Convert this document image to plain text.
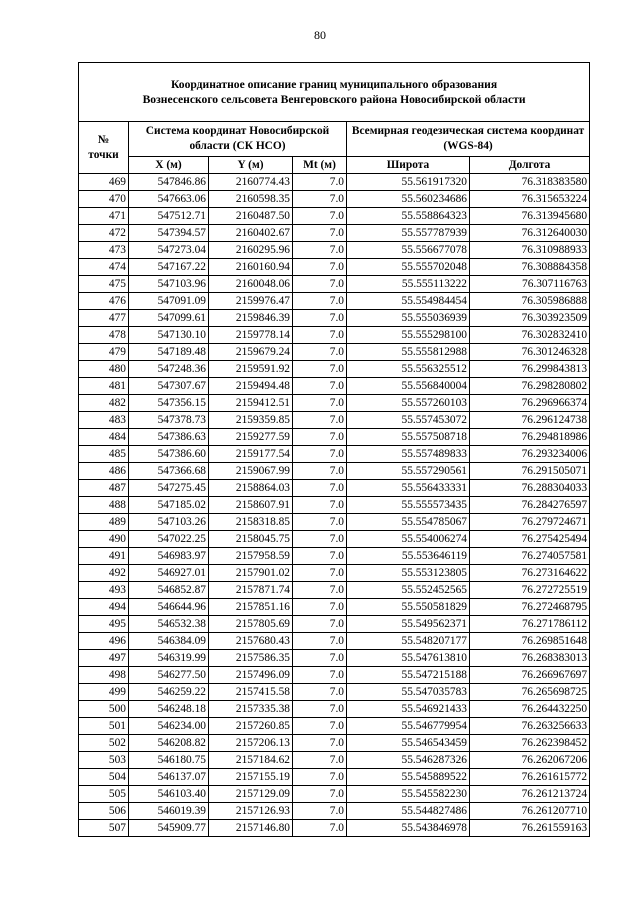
80
Координатное описание границ муниципального образования
Вознесенского сельсовета Венгеровского района Новосибирской области					
№
точки	Система координат Новосибирской области (СК НСО)			Всемирная геодезическая система координат (WGS-84)	
	X (м)	Y (м)	Mt (м)	Широта	Долгота
469	547846.86	2160774.43	7.0	55.561917320	76.318383580
470	547663.06	2160598.35	7.0	55.560234686	76.315653224
471	547512.71	2160487.50	7.0	55.558864323	76.313945680
472	547394.57	2160402.67	7.0	55.557787939	76.312640030
473	547273.04	2160295.96	7.0	55.556677078	76.310988933
474	547167.22	2160160.94	7.0	55.555702048	76.308884358
475	547103.96	2160048.06	7.0	55.555113222	76.307116763
476	547091.09	2159976.47	7.0	55.554984454	76.305986888
477	547099.61	2159846.39	7.0	55.555036939	76.303923509
478	547130.10	2159778.14	7.0	55.555298100	76.302832410
479	547189.48	2159679.24	7.0	55.555812988	76.301246328
480	547248.36	2159591.92	7.0	55.556325512	76.299843813
481	547307.67	2159494.48	7.0	55.556840004	76.298280802
482	547356.15	2159412.51	7.0	55.557260103	76.296966374
483	547378.73	2159359.85	7.0	55.557453072	76.296124738
484	547386.63	2159277.59	7.0	55.557508718	76.294818986
485	547386.60	2159177.54	7.0	55.557489833	76.293234006
486	547366.68	2159067.99	7.0	55.557290561	76.291505071
487	547275.45	2158864.03	7.0	55.556433331	76.288304033
488	547185.02	2158607.91	7.0	55.555573435	76.284276597
489	547103.26	2158318.85	7.0	55.554785067	76.279724671
490	547022.25	2158045.75	7.0	55.554006274	76.275425494
491	546983.97	2157958.59	7.0	55.553646119	76.274057581
492	546927.01	2157901.02	7.0	55.553123805	76.273164622
493	546852.87	2157871.74	7.0	55.552452565	76.272725519
494	546644.96	2157851.16	7.0	55.550581829	76.272468795
495	546532.38	2157805.69	7.0	55.549562371	76.271786112
496	546384.09	2157680.43	7.0	55.548207177	76.269851648
497	546319.99	2157586.35	7.0	55.547613810	76.268383013
498	546277.50	2157496.09	7.0	55.547215188	76.266967697
499	546259.22	2157415.58	7.0	55.547035783	76.265698725
500	546248.18	2157335.38	7.0	55.546921433	76.264432250
501	546234.00	2157260.85	7.0	55.546779954	76.263256633
502	546208.82	2157206.13	7.0	55.546543459	76.262398452
503	546180.75	2157184.62	7.0	55.546287326	76.262067206
504	546137.07	2157155.19	7.0	55.545889522	76.261615772
505	546103.40	2157129.09	7.0	55.545582230	76.261213724
506	546019.39	2157126.93	7.0	55.544827486	76.261207710
507	545909.77	2157146.80	7.0	55.543846978	76.261559163
